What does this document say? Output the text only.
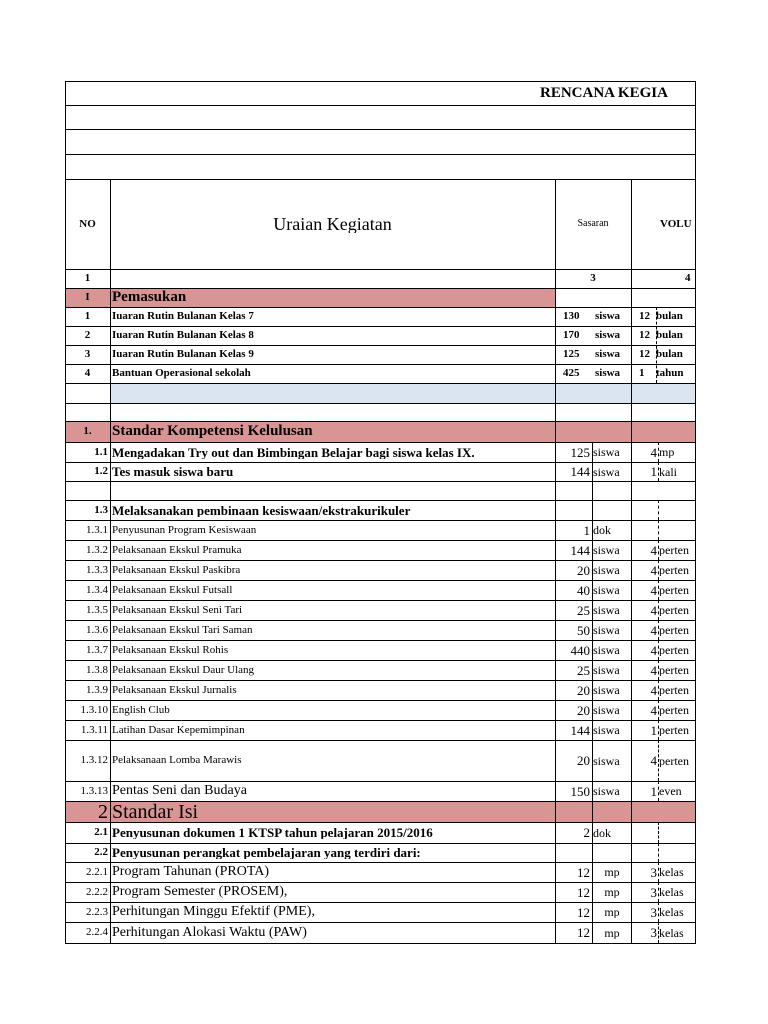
RENCANA KEGIA
NO	Uraian Kegiatan	Sasaran	VOLU
1	3	4
I	Pemasukan
1	Iuaran Rutin Bulanan Kelas 7	130	siswa	12 bulan
2	Iuaran Rutin Bulanan Kelas 8	170	siswa	12 bulan
3	Iuaran Rutin Bulanan Kelas 9	125	siswa	12 bulan
4	Bantuan Operasional sekolah	425	siswa	1	tahun
1.	Standar Kompetensi Kelulusan
1.1 Mengadakan Try out dan Bimbingan Belajar bagi siswa kelas IX.	125 siswa	4 mp
1.2 Tes masuk siswa baru	144 siswa	1 kali
1.3 Melaksanakan pembinaan kesiswaan/ekstrakurikuler
1.3.1 Penyusunan Program Kesiswaan	1 dok
1.3.2 Pelaksanaan Ekskul Pramuka	144 siswa	4 perten
1.3.3 Pelaksanaan Ekskul Paskibra	20 siswa	4 perten
1.3.4 Pelaksanaan Ekskul Futsall	40 siswa	4 perten
1.3.5 Pelaksanaan Ekskul Seni Tari	25 siswa	4 perten
1.3.6 Pelaksanaan Ekskul Tari Saman	50 siswa	4 perten
1.3.7 Pelaksanaan Ekskul Rohis	440 siswa	4 perten
1.3.8 Pelaksanaan Ekskul Daur Ulang	25 siswa	4 perten
1.3.9 Pelaksanaan Ekskul Jurnalis	20 siswa	4 perten
1.3.10 English Club	20 siswa	4 perten
1.3.11 Latihan Dasar Kepemimpinan	144 siswa	1 perten
1.3.12 Pelaksanaan Lomba Marawis	20 siswa	4 perten
1.3.13 Pentas Seni dan Budaya	150 siswa	1 even
2 Standar Isi
2.1 Penyusunan dokumen 1 KTSP tahun pelajaran 2015/2016	2 dok
2.2 Penyusunan perangkat pembelajaran yang terdiri dari:
2.2.1 Program Tahunan (PROTA)	12	mp	3 kelas
2.2.2 Program Semester (PROSEM),	12	mp	3 kelas
2.2.3 Perhitungan Minggu Efektif (PME),	12	mp	3 kelas
2.2.4 Perhitungan Alokasi Waktu (PAW)	12	mp	3 kelas
